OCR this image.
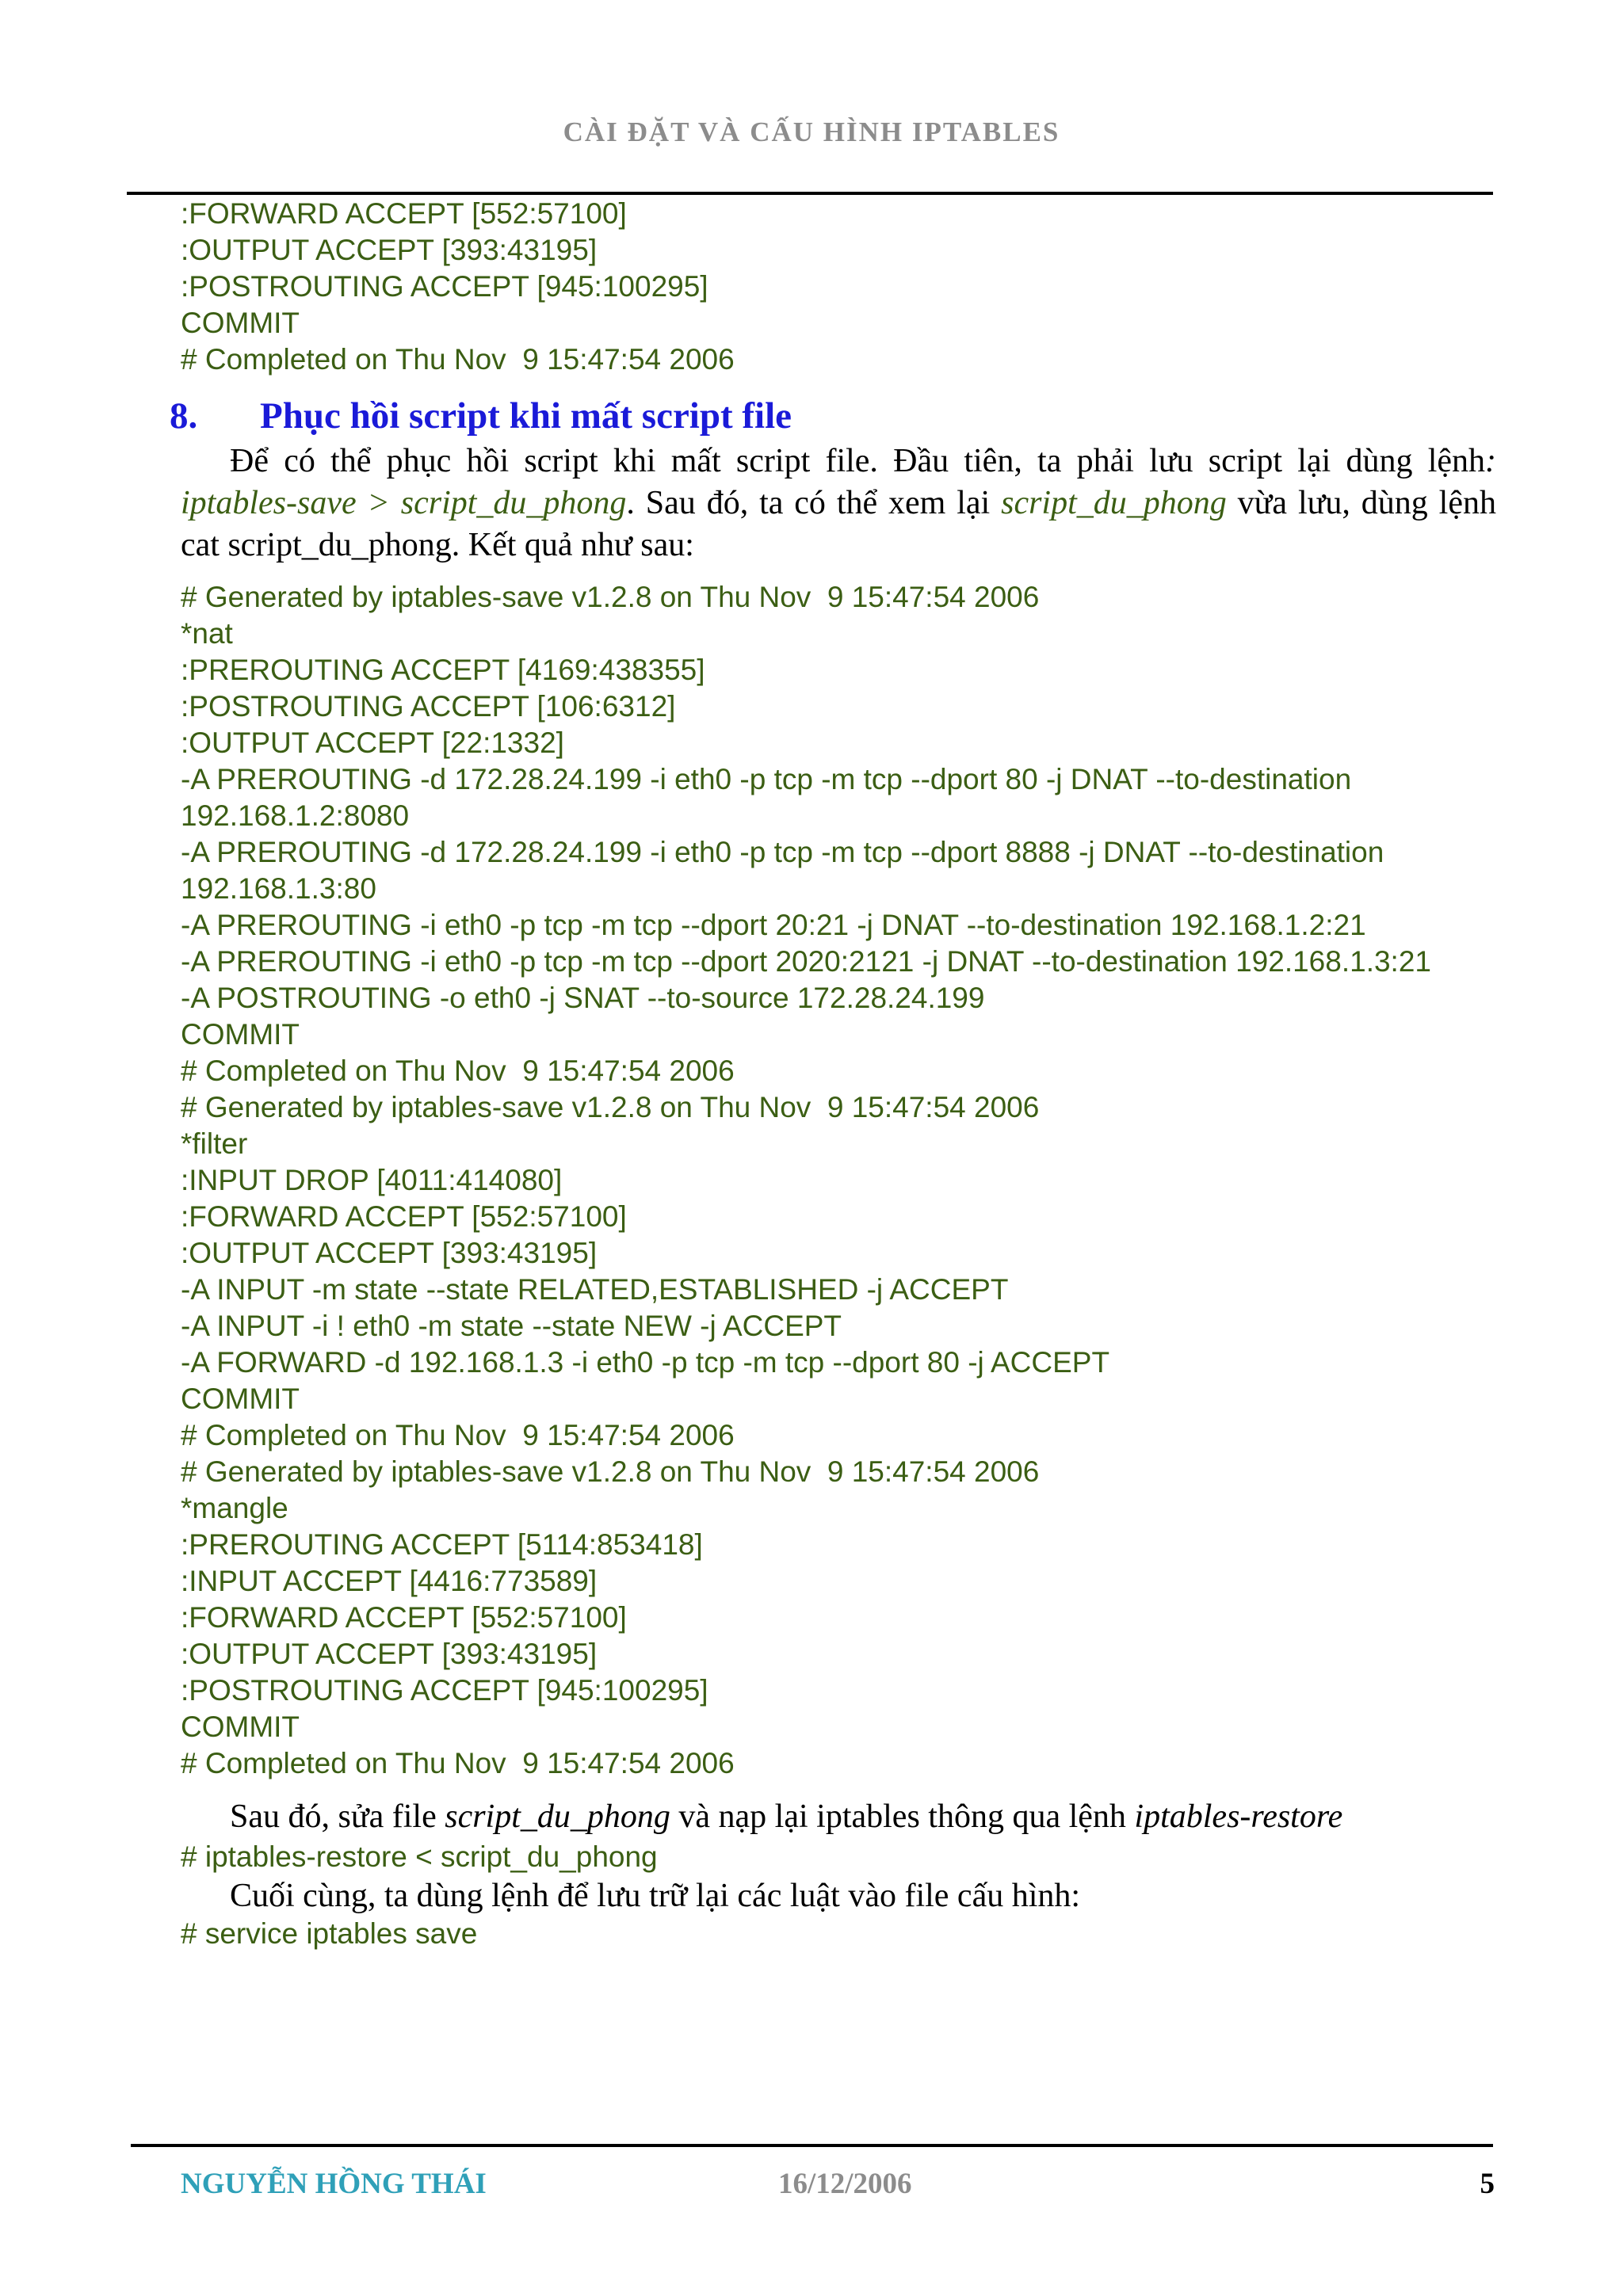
CÀI ĐẶT VÀ CẤU HÌNH IPTABLES
:FORWARD ACCEPT [552:57100]
:OUTPUT ACCEPT [393:43195]
:POSTROUTING ACCEPT [945:100295]
COMMIT
# Completed on Thu Nov  9 15:47:54 2006
8. Phục hồi script khi mất script file
Để có thể phục hồi script khi mất script file. Đầu tiên, ta phải lưu script lại dùng lệnh: iptables-save > script_du_phong. Sau đó, ta có thể xem lại script_du_phong vừa lưu, dùng lệnh cat script_du_phong. Kết quả như sau:
# Generated by iptables-save v1.2.8 on Thu Nov  9 15:47:54 2006
*nat
:PREROUTING ACCEPT [4169:438355]
:POSTROUTING ACCEPT [106:6312]
:OUTPUT ACCEPT [22:1332]
-A PREROUTING -d 172.28.24.199 -i eth0 -p tcp -m tcp --dport 80 -j DNAT --to-destination
192.168.1.2:8080
-A PREROUTING -d 172.28.24.199 -i eth0 -p tcp -m tcp --dport 8888 -j DNAT --to-destination
192.168.1.3:80
-A PREROUTING -i eth0 -p tcp -m tcp --dport 20:21 -j DNAT --to-destination 192.168.1.2:21
-A PREROUTING -i eth0 -p tcp -m tcp --dport 2020:2121 -j DNAT --to-destination 192.168.1.3:21
-A POSTROUTING -o eth0 -j SNAT --to-source 172.28.24.199
COMMIT
# Completed on Thu Nov  9 15:47:54 2006
# Generated by iptables-save v1.2.8 on Thu Nov  9 15:47:54 2006
*filter
:INPUT DROP [4011:414080]
:FORWARD ACCEPT [552:57100]
:OUTPUT ACCEPT [393:43195]
-A INPUT -m state --state RELATED,ESTABLISHED -j ACCEPT
-A INPUT -i ! eth0 -m state --state NEW -j ACCEPT
-A FORWARD -d 192.168.1.3 -i eth0 -p tcp -m tcp --dport 80 -j ACCEPT
COMMIT
# Completed on Thu Nov  9 15:47:54 2006
# Generated by iptables-save v1.2.8 on Thu Nov  9 15:47:54 2006
*mangle
:PREROUTING ACCEPT [5114:853418]
:INPUT ACCEPT [4416:773589]
:FORWARD ACCEPT [552:57100]
:OUTPUT ACCEPT [393:43195]
:POSTROUTING ACCEPT [945:100295]
COMMIT
# Completed on Thu Nov  9 15:47:54 2006
Sau đó, sửa file script_du_phong và nạp lại iptables thông qua lệnh iptables-restore
# iptables-restore < script_du_phong
Cuối cùng, ta dùng lệnh để lưu trữ lại các luật vào file cấu hình:
# service iptables save
NGUYỄN HỒNG THÁI	16/12/2006	5
